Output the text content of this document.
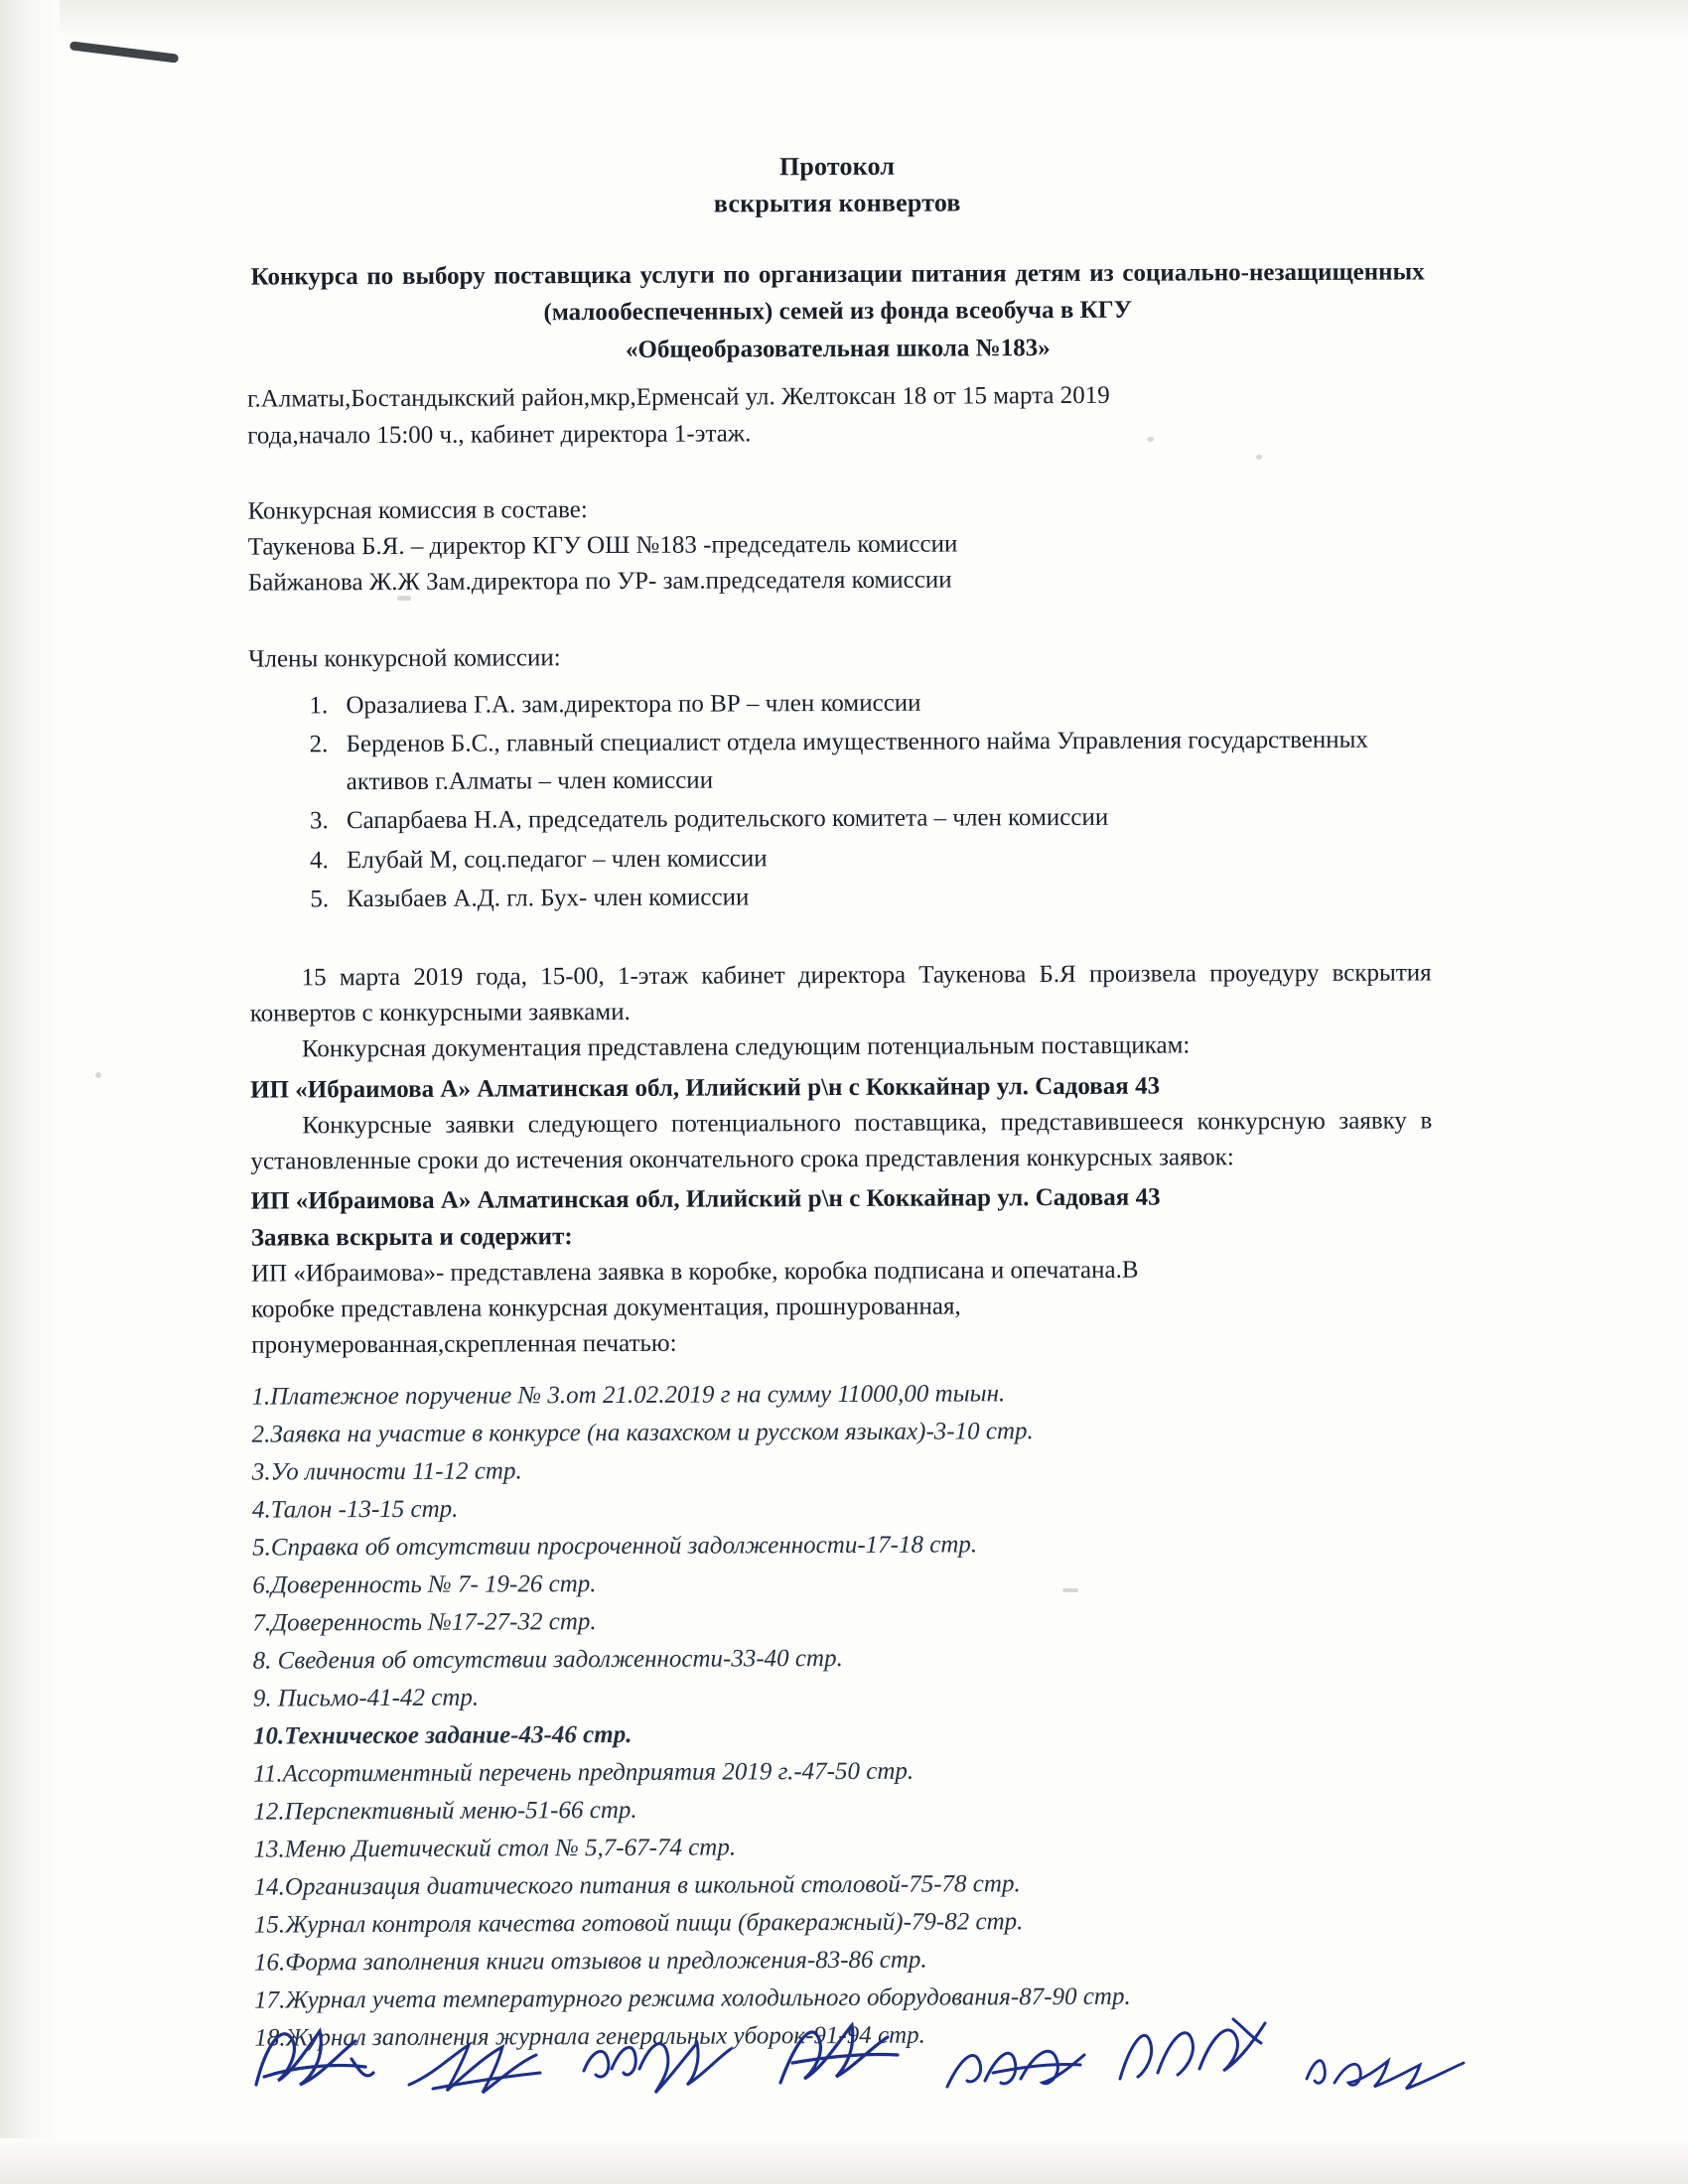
Протокол
вскрытия конвертов
Конкурса по выбору поставщика услуги по организации питания детям из социально-незащищенных (малообеспеченных) семей из фонда всеобуча в КГУ
«Общеобразовательная школа №183»
г.Алматы,Бостандыкский район,мкр,Ерменсай ул. Желтоксан 18 от 15 марта 2019
года,начало 15:00 ч., кабинет директора 1-этаж.
Конкурсная комиссия в составе:
Таукенова Б.Я. – директор КГУ ОШ №183 -председатель комиссии
Байжанова Ж.Ж Зам.директора по УР- зам.председателя комиссии
Члены конкурсной комиссии:
1. Оразалиева Г.А. зам.директора по ВР – член комиссии
2. Берденов Б.С., главный специалист отдела имущественного найма Управления государственных активов г.Алматы – член комиссии
3. Сапарбаева Н.А, председатель родительского комитета – член комиссии
4. Елубай М, соц.педагог – член комиссии
5. Казыбаев А.Д. гл. Бух- член комиссии
15 марта 2019 года, 15-00, 1-этаж кабинет директора Таукенова Б.Я произвела проуедуру вскрытия конвертов с конкурсными заявками.
Конкурсная документация представлена следующим потенциальным поставщикам:
ИП «Ибраимова А» Алматинская обл, Илийский р\н с Коккайнар ул. Садовая 43
Конкурсные заявки следующего потенциального поставщика, представившееся конкурсную заявку в установленные сроки до истечения окончательного срока представления конкурсных заявок:
ИП «Ибраимова А» Алматинская обл, Илийский р\н с Коккайнар ул. Садовая 43
Заявка вскрыта и содержит:
ИП «Ибраимова»- представлена заявка в коробке, коробка подписана и опечатана.В
коробке представлена конкурсная документация, прошнурованная,
пронумерованная,скрепленная печатью:
1.Платежное поручение № 3.от 21.02.2019 г на сумму 11000,00 тыын.
2.Заявка на участие в конкурсе (на казахском и русском языках)-3-10 стр.
3.Уо личности 11-12 стр.
4.Талон -13-15 стр.
5.Справка об отсутствии просроченной задолженности-17-18 стр.
6.Доверенность № 7- 19-26 стр.
7.Доверенность №17-27-32 стр.
8. Сведения об отсутствии задолженности-33-40 стр.
9. Письмо-41-42 стр.
10.Техническое задание-43-46 стр.
11.Ассортиментный перечень предприятия 2019 г.-47-50 стр.
12.Перспективный меню-51-66 стр.
13.Меню Диетический стол № 5,7-67-74 стр.
14.Организация диатического питания в школьной столовой-75-78 стр.
15.Журнал контроля качества готовой пищи (бракеражный)-79-82 стр.
16.Форма заполнения книги отзывов и предложения-83-86 стр.
17.Журнал учета температурного режима холодильного оборудования-87-90 стр.
18.Журнал заполнения журнала генеральных уборок-91-94 стр.
